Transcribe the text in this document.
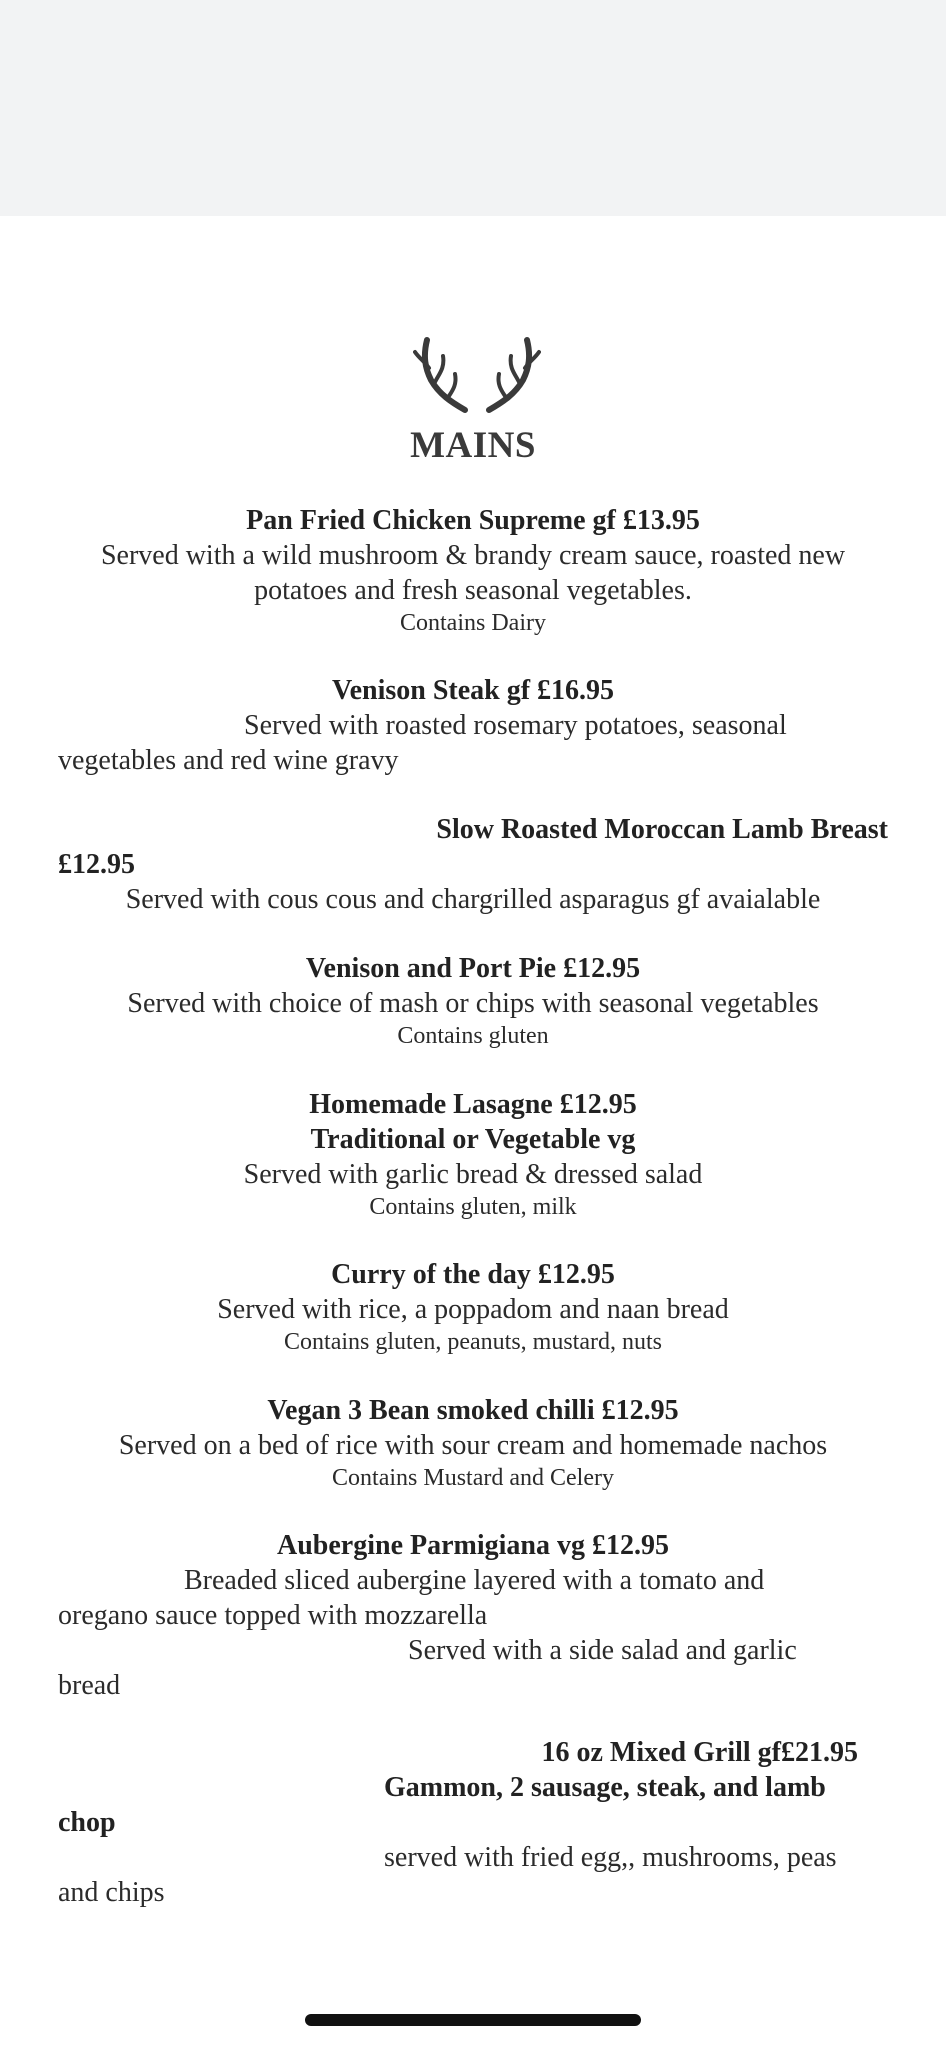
MAINS
Pan Fried Chicken Supreme gf £13.95
Served with a wild mushroom & brandy cream sauce, roasted new potatoes and fresh seasonal vegetables.
Contains Dairy
Venison Steak gf £16.95
Served with roasted rosemary potatoes, seasonal vegetables and red wine gravy
Slow Roasted Moroccan Lamb Breast
£12.95
Served with cous cous and chargrilled asparagus gf avaialable
Venison and Port Pie £12.95
Served with choice of mash or chips with seasonal vegetables
Contains gluten
Homemade Lasagne £12.95
Traditional or Vegetable vg
Served with garlic bread & dressed salad
Contains gluten, milk
Curry of the day £12.95
Served with rice, a poppadom and naan bread
Contains gluten, peanuts, mustard, nuts
Vegan 3 Bean smoked chilli £12.95
Served on a bed of rice with sour cream and homemade nachos
Contains Mustard and Celery
Aubergine Parmigiana vg £12.95
Breaded sliced aubergine layered with a tomato and oregano sauce topped with mozzarella
Served with a side salad and garlic bread
16 oz Mixed Grill gf£21.95
Gammon, 2 sausage, steak, and lamb chop
served with fried egg,, mushrooms, peas and chips
